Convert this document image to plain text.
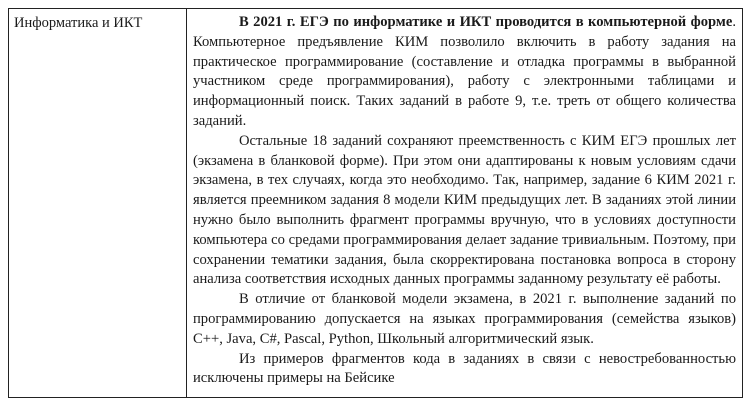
Информатика и ИКТ	В 2021 г. ЕГЭ по информатике и ИКТ проводится в компьютерной форме. Компьютерное предъявление КИМ позволило включить в работу задания на практическое программирование (составление и отладка программы в выбранной участником среде программирования), работу с электронными таблицами и информационный поиск. Таких заданий в работе 9, т.е. треть от общего количества заданий.

Остальные 18 заданий сохраняют преемственность с КИМ ЕГЭ прошлых лет (экзамена в бланковой форме). При этом они адаптированы к новым условиям сдачи экзамена, в тех случаях, когда это необходимо. Так, например, задание 6 КИМ 2021 г. является преемником задания 8 модели КИМ предыдущих лет. В заданиях этой линии нужно было выполнить фрагмент программы вручную, что в условиях доступности компьютера со средами программирования делает задание тривиальным. Поэтому, при сохранении тематики задания, была скорректирована постановка вопроса в сторону анализа соответствия исходных данных программы заданному результату её работы.

В отличие от бланковой модели экзамена, в 2021 г. выполнение заданий по программированию допускается на языках программирования (семейства языков) C++, Java, C#, Pascal, Python, Школьный алгоритмический язык.

Из примеров фрагментов кода в заданиях в связи с невостребованностью исключены примеры на Бейсике
